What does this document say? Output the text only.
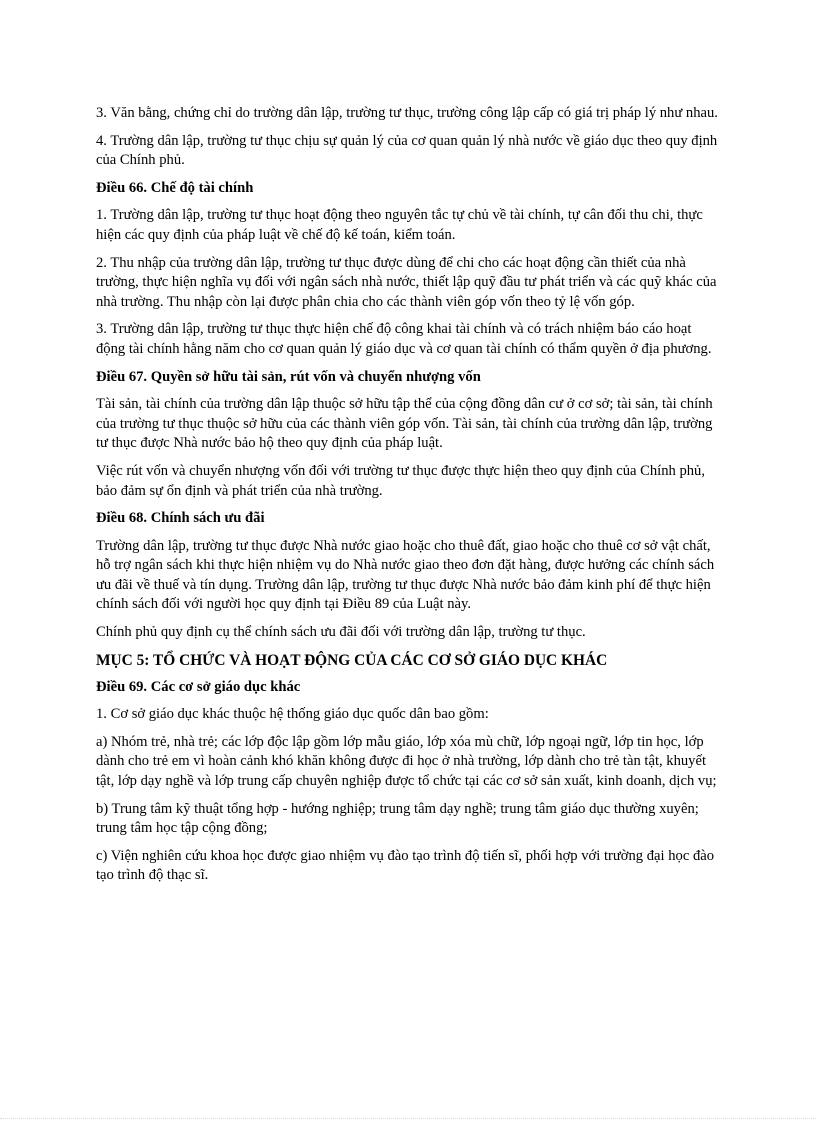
3. Văn bằng, chứng chỉ do trường dân lập, trường tư thục, trường công lập cấp có giá trị pháp lý như nhau.

4. Trường dân lập, trường tư thục chịu sự quản lý của cơ quan quản lý nhà nước về giáo dục theo quy định của Chính phủ.

Điều 66. Chế độ tài chính

1. Trường dân lập, trường tư thục hoạt động theo nguyên tắc tự chủ về tài chính, tự cân đối thu chi, thực hiện các quy định của pháp luật về chế độ kế toán, kiểm toán.

2. Thu nhập của trường dân lập, trường tư thục được dùng để chi cho các hoạt động cần thiết của nhà trường, thực hiện nghĩa vụ đối với ngân sách nhà nước, thiết lập quỹ đầu tư phát triển và các quỹ khác của nhà trường. Thu nhập còn lại được phân chia cho các thành viên góp vốn theo tỷ lệ vốn góp.

3. Trường dân lập, trường tư thục thực hiện chế độ công khai tài chính và có trách nhiệm báo cáo hoạt động tài chính hằng năm cho cơ quan quản lý giáo dục và cơ quan tài chính có thẩm quyền ở địa phương.

Điều 67. Quyền sở hữu tài sản, rút vốn và chuyển nhượng vốn

Tài sản, tài chính của trường dân lập thuộc sở hữu tập thể của cộng đồng dân cư ở cơ sở; tài sản, tài chính của trường tư thục thuộc sở hữu của các thành viên góp vốn. Tài sản, tài chính của trường dân lập, trường tư thục được Nhà nước bảo hộ theo quy định của pháp luật.

Việc rút vốn và chuyển nhượng vốn đối với trường tư thục được thực hiện theo quy định của Chính phủ, bảo đảm sự ổn định và phát triển của nhà trường.

Điều 68. Chính sách ưu đãi

Trường dân lập, trường tư thục được Nhà nước giao hoặc cho thuê đất, giao hoặc cho thuê cơ sở vật chất, hỗ trợ ngân sách khi thực hiện nhiệm vụ do Nhà nước giao theo đơn đặt hàng, được hưởng các chính sách ưu đãi về thuế và tín dụng. Trường dân lập, trường tư thục được Nhà nước bảo đảm kinh phí để thực hiện chính sách đối với người học quy định tại Điều 89 của Luật này.

Chính phủ quy định cụ thể chính sách ưu đãi đối với trường dân lập, trường tư thục.

MỤC 5: TỔ CHỨC VÀ HOẠT ĐỘNG CỦA CÁC CƠ SỞ GIÁO DỤC KHÁC

Điều 69. Các cơ sở giáo dục khác

1. Cơ sở giáo dục khác thuộc hệ thống giáo dục quốc dân bao gồm:

a) Nhóm trẻ, nhà trẻ; các lớp độc lập gồm lớp mẫu giáo, lớp xóa mù chữ, lớp ngoại ngữ, lớp tin học, lớp dành cho trẻ em vì hoàn cảnh khó khăn không được đi học ở nhà trường, lớp dành cho trẻ tàn tật, khuyết tật, lớp dạy nghề và lớp trung cấp chuyên nghiệp được tổ chức tại các cơ sở sản xuất, kinh doanh, dịch vụ;

b) Trung tâm kỹ thuật tổng hợp - hướng nghiệp; trung tâm dạy nghề; trung tâm giáo dục thường xuyên; trung tâm học tập cộng đồng;

c) Viện nghiên cứu khoa học được giao nhiệm vụ đào tạo trình độ tiến sĩ, phối hợp với trường đại học đào tạo trình độ thạc sĩ.
